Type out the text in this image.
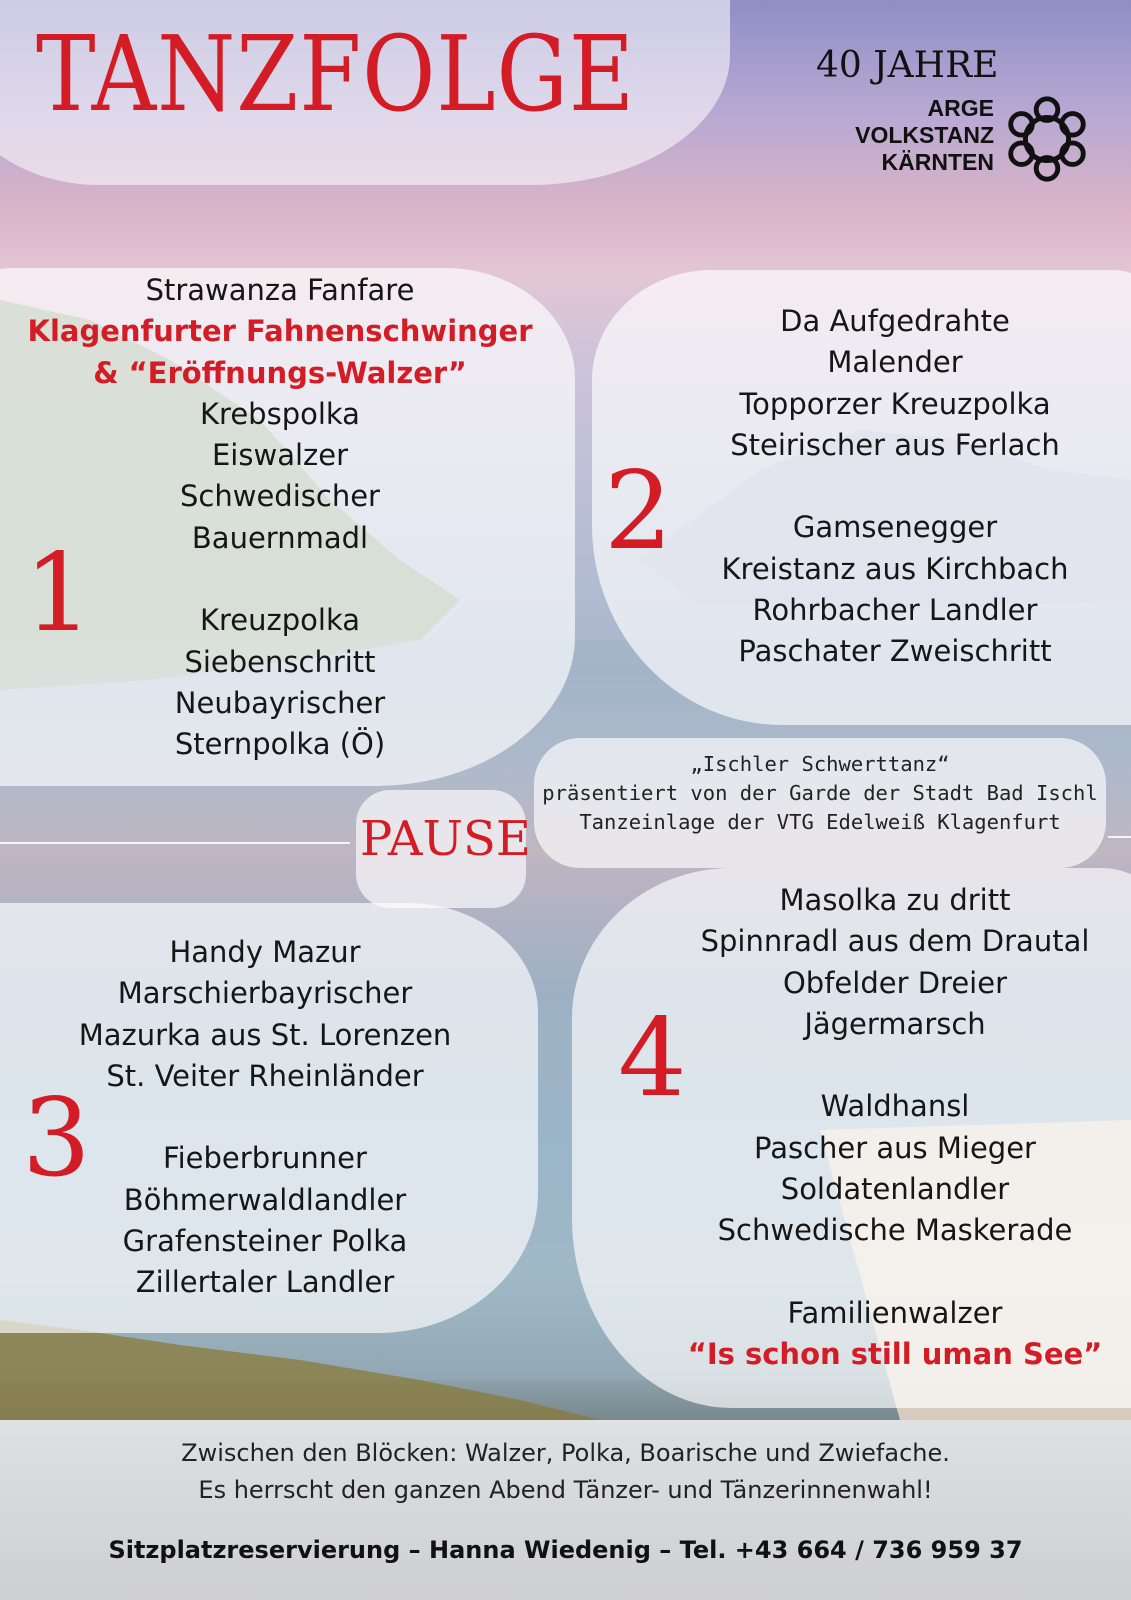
TANZFOLGE	40 JAHRE
ARGE
VOLKSTANZ
KÄRNTEN
1
Strawanza Fanfare
Klagenfurter Fahnenschwinger
& “Eröffnungs-Walzer”
Krebspolka
Eiswalzer
Schwedischer
Bauernmadl
Kreuzpolka
Siebenschritt
Neubayrischer
Sternpolka (Ö)
2
Da Aufgedrahte
Malender
Topporzer Kreuzpolka
Steirischer aus Ferlach
Gamsenegger
Kreistanz aus Kirchbach
Rohrbacher Landler
Paschater Zweischritt
PAUSE
„Ischler Schwerttanz“
präsentiert von der Garde der Stadt Bad Ischl
Tanzeinlage der VTG Edelweiß Klagenfurt
3
Handy Mazur
Marschierbayrischer
Mazurka aus St. Lorenzen
St. Veiter Rheinländer
Fieberbrunner
Böhmerwaldlandler
Grafensteiner Polka
Zillertaler Landler
4
Masolka zu dritt
Spinnradl aus dem Drautal
Obfelder Dreier
Jägermarsch
Waldhansl
Pascher aus Mieger
Soldatenlandler
Schwedische Maskerade
Familienwalzer
“Is schon still uman See”
Zwischen den Blöcken: Walzer, Polka, Boarische und Zwiefache.
Es herrscht den ganzen Abend Tänzer- und Tänzerinnenwahl!
Sitzplatzreservierung – Hanna Wiedenig – Tel. +43 664 / 736 959 37
